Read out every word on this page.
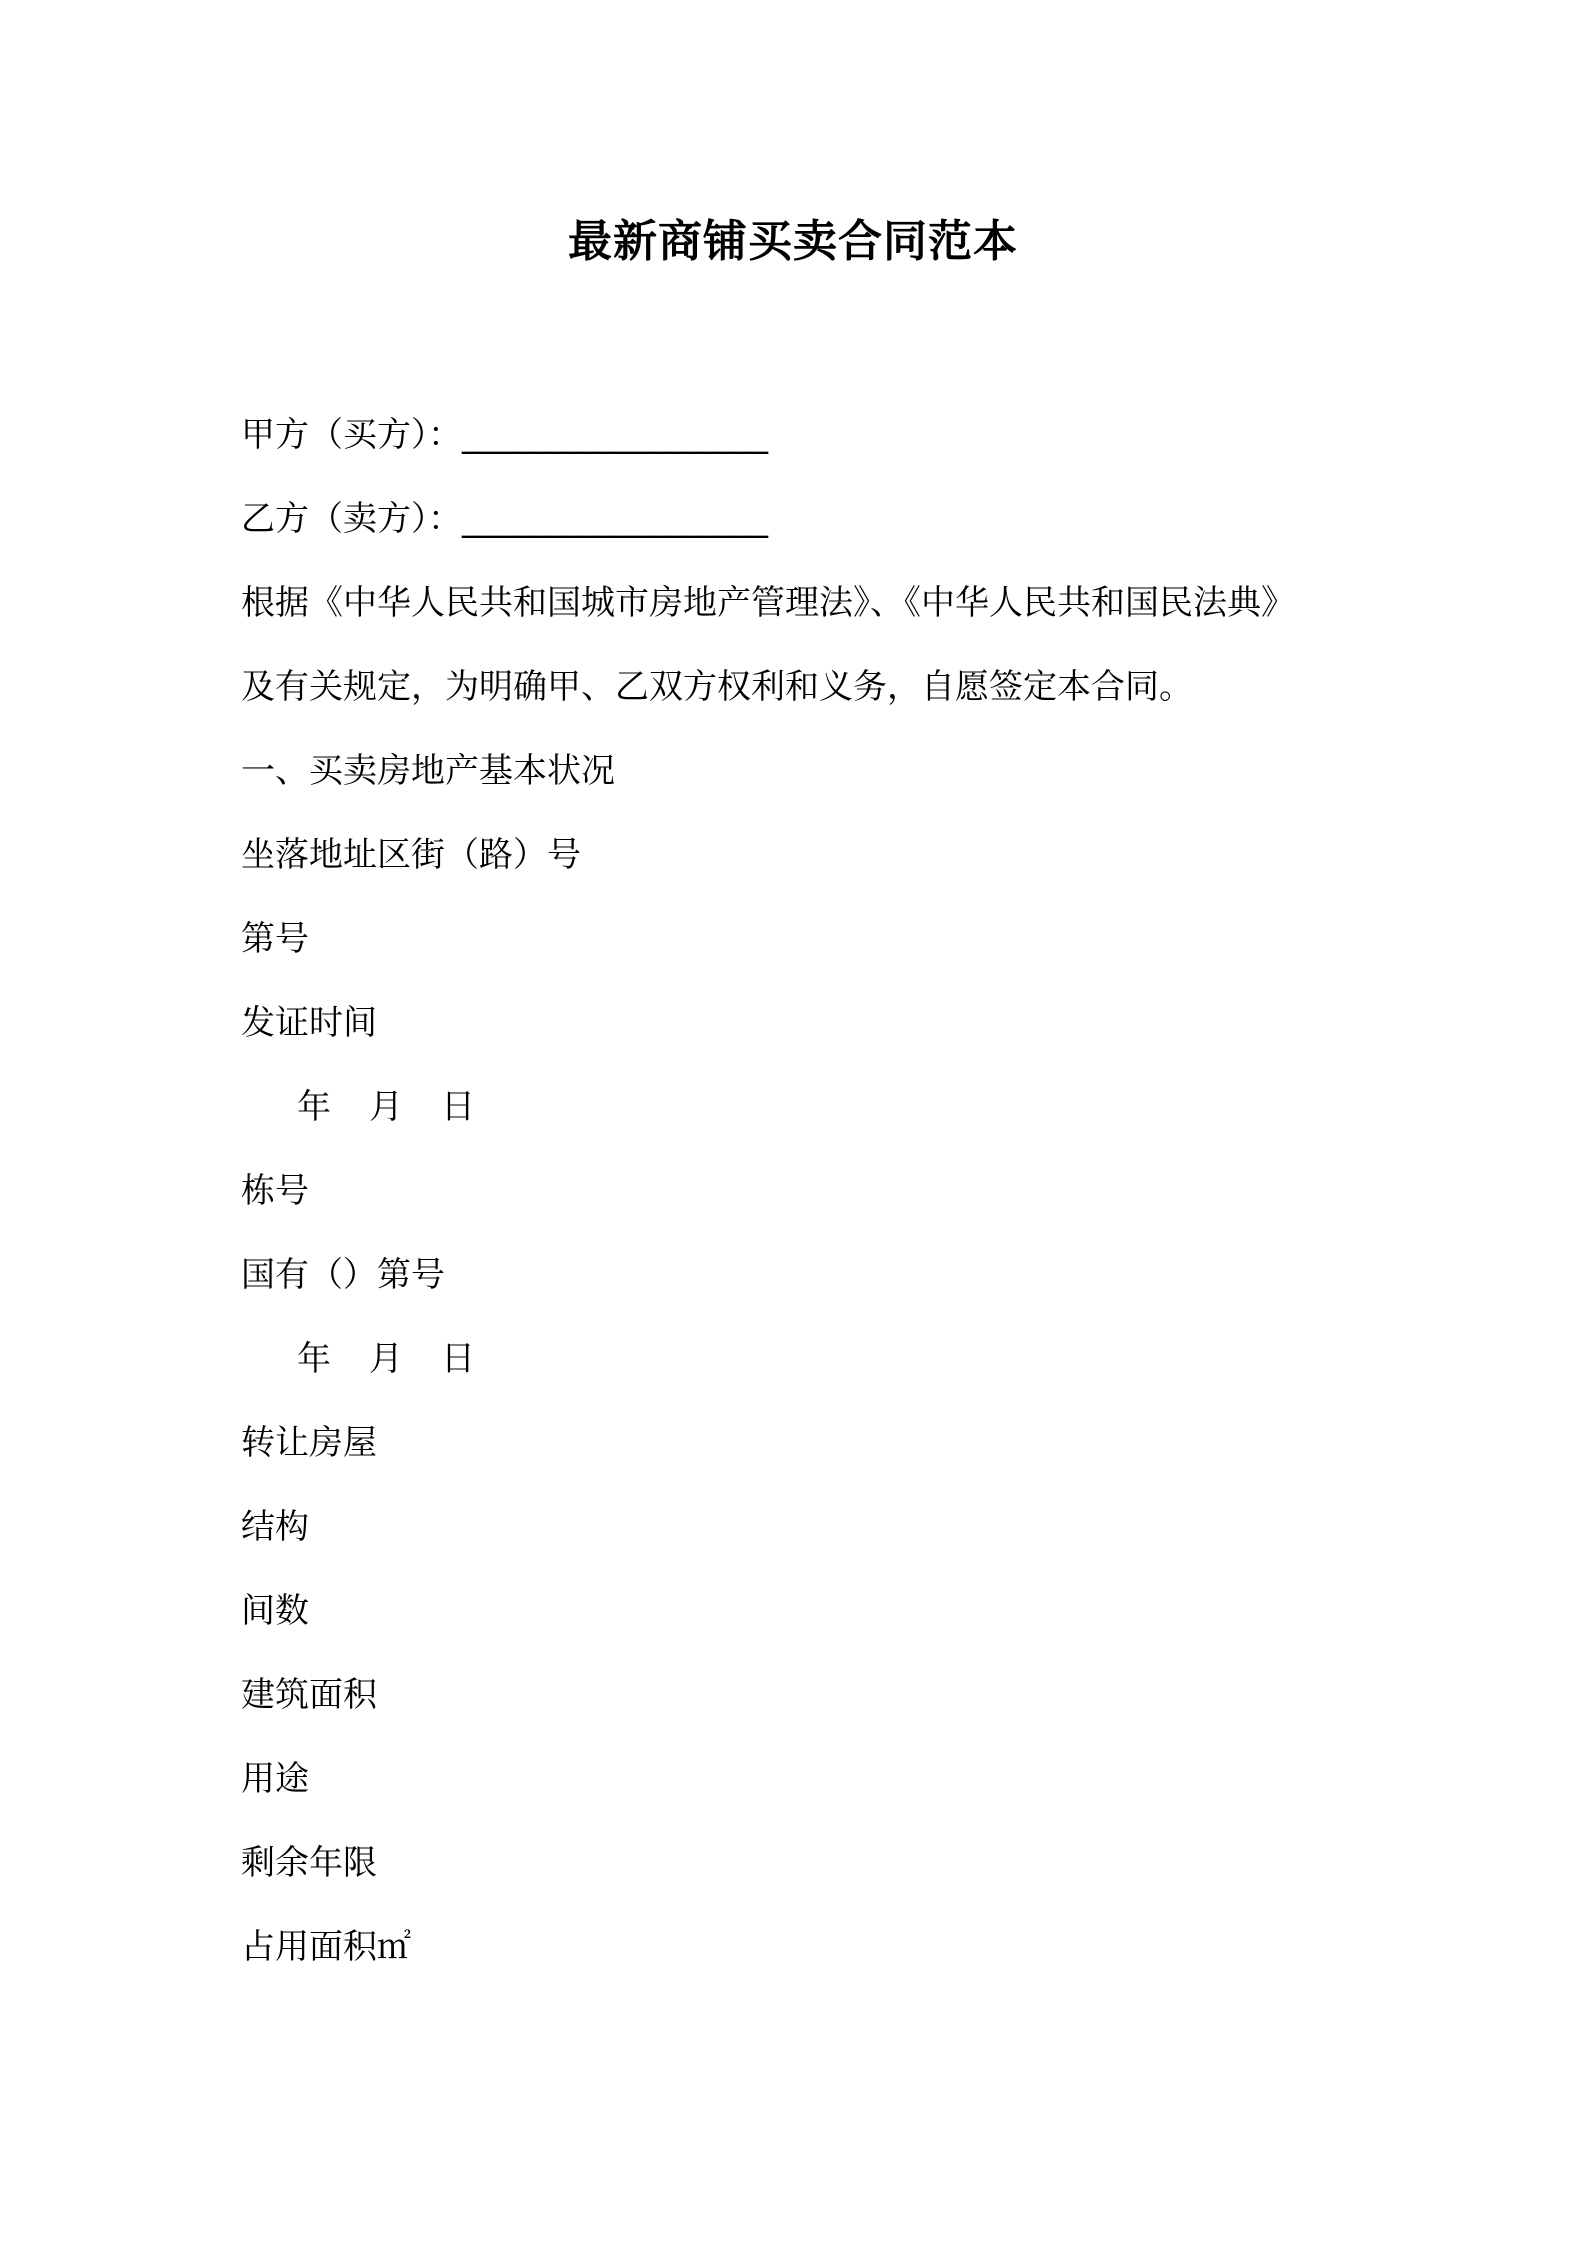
最新商铺买卖合同范本
甲方（买方）：__________________
乙方（卖方）：__________________
根据《中华人民共和国城市房地产管理法》、《中华人民共和国民法典》
及有关规定，为明确甲、乙双方权利和义务，自愿签定本合同。
一、买卖房地产基本状况
坐落地址区街（路）号
第号
发证时间
年 月 日
栋号
国有（）第号
年 月 日
转让房屋
结构
间数
建筑面积
用途
剩余年限
占用面积㎡
